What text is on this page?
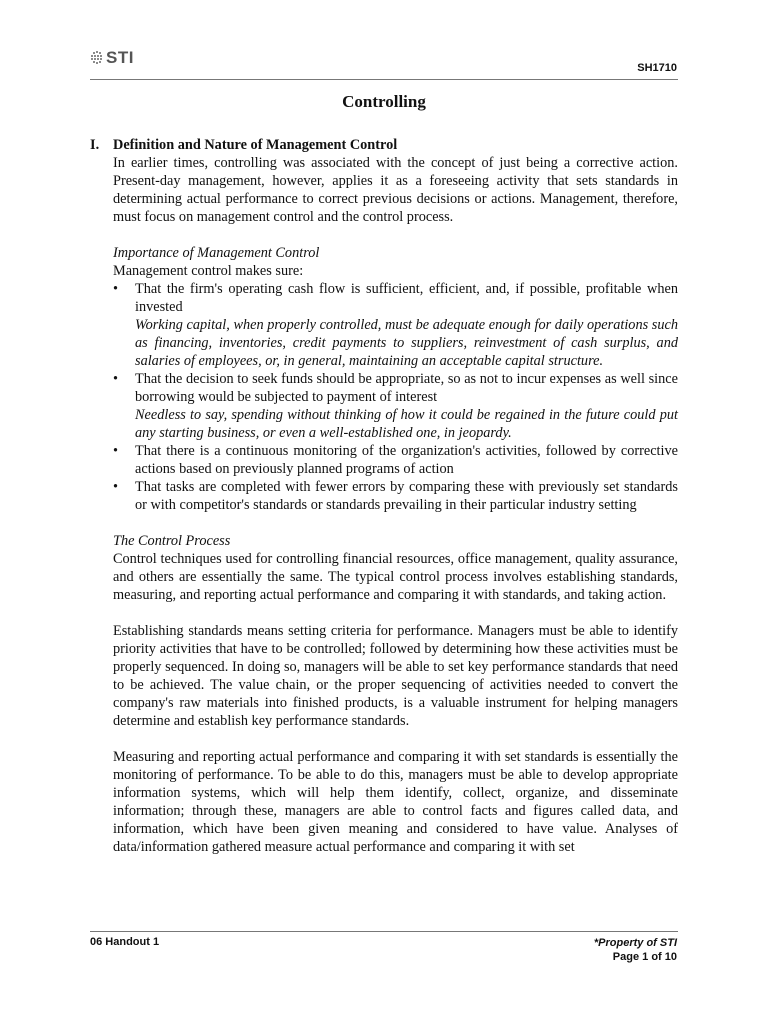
STI
SH1710
Controlling
I. Definition and Nature of Management Control

In earlier times, controlling was associated with the concept of just being a corrective action. Present-day management, however, applies it as a foreseeing activity that sets standards in determining actual performance to correct previous decisions or actions. Management, therefore, must focus on management control and the control process.

Importance of Management Control
Management control makes sure:
•	That the firm's operating cash flow is sufficient, efficient, and, if possible, profitable when invested

Working capital, when properly controlled, must be adequate enough for daily operations such as financing, inventories, credit payments to suppliers, reinvestment of cash surplus, and salaries of employees, or, in general, maintaining an acceptable capital structure.

•	That the decision to seek funds should be appropriate, so as not to incur expenses as well since borrowing would be subjected to payment of interest

Needless to say, spending without thinking of how it could be regained in the future could put any starting business, or even a well-established one, in jeopardy.

•	That there is a continuous monitoring of the organization's activities, followed by corrective actions based on previously planned programs of action

•	That tasks are completed with fewer errors by comparing these with previously set standards or with competitor's standards or standards prevailing in their particular industry setting

The Control Process

Control techniques used for controlling financial resources, office management, quality assurance, and others are essentially the same. The typical control process involves establishing standards, measuring, and reporting actual performance and comparing it with standards, and taking action.

Establishing standards means setting criteria for performance. Managers must be able to identify priority activities that have to be controlled; followed by determining how these activities must be properly sequenced. In doing so, managers will be able to set key performance standards that need to be achieved. The value chain, or the proper sequencing of activities needed to convert the company's raw materials into finished products, is a valuable instrument for helping managers determine and establish key performance standards.

Measuring and reporting actual performance and comparing it with set standards is essentially the monitoring of performance. To be able to do this, managers must be able to develop appropriate information systems, which will help them identify, collect, organize, and disseminate information; through these, managers are able to control facts and figures called data, and information, which have been given meaning and considered to have value. Analyses of data/information gathered measure actual performance and comparing it with set

06 Handout 1	*Property of STI
Page 1 of 10
